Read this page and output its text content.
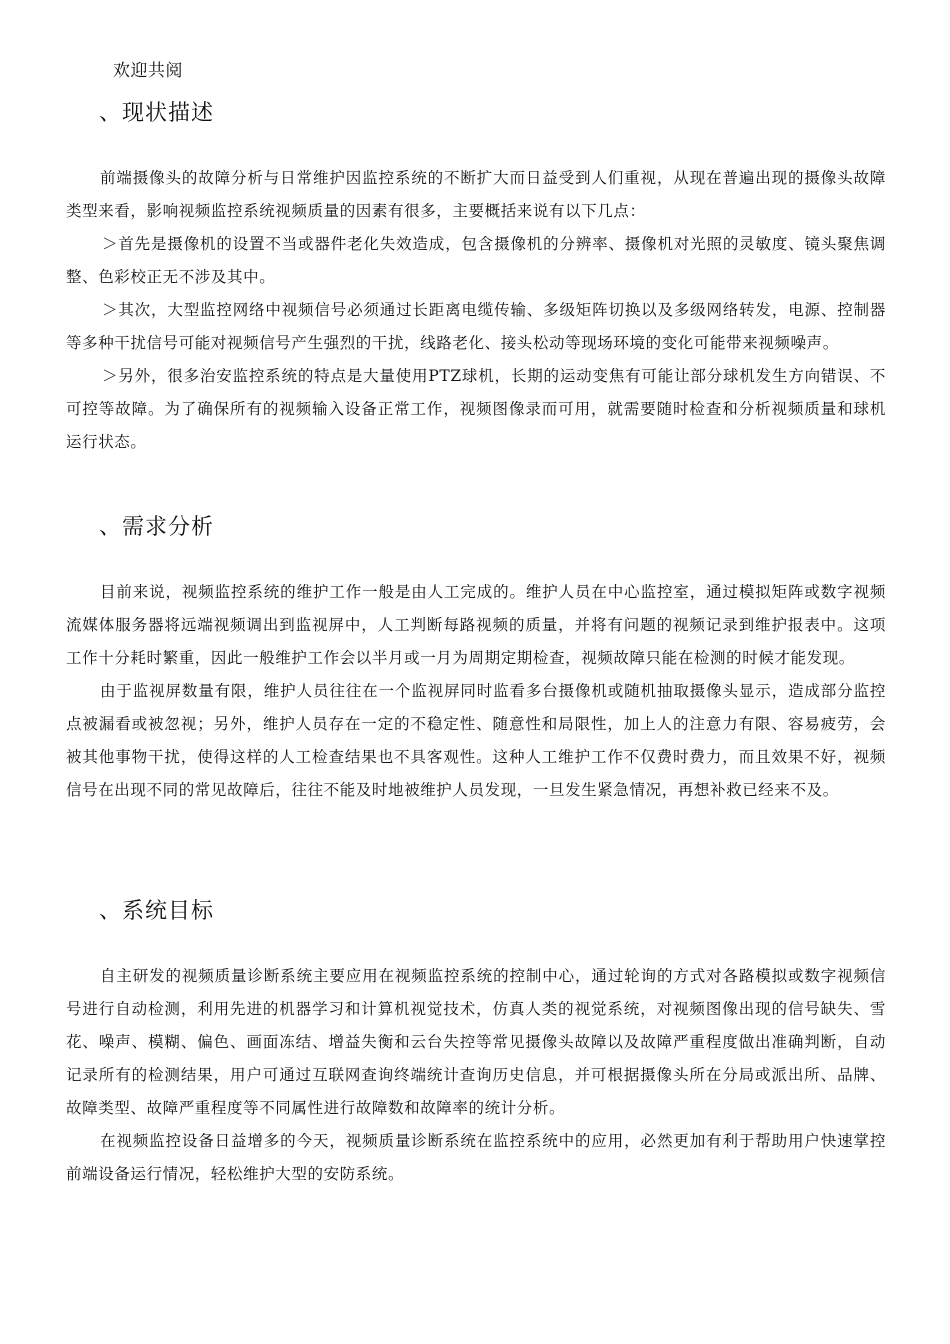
欢迎共阅
、现状描述

前端摄像头的故障分析与日常维护因监控系统的不断扩大而日益受到人们重视，从现在普遍出现的摄像头故障类型来看，影响视频监控系统视频质量的因素有很多，主要概括来说有以下几点：

＞首先是摄像机的设置不当或器件老化失效造成，包含摄像机的分辨率、摄像机对光照的灵敏度、镜头聚焦调整、色彩校正无不涉及其中。

＞其次，大型监控网络中视频信号必须通过长距离电缆传输、多级矩阵切换以及多级网络转发，电源、控制器等多种干扰信号可能对视频信号产生强烈的干扰，线路老化、接头松动等现场环境的变化可能带来视频噪声。

＞另外，很多治安监控系统的特点是大量使用PTZ球机，长期的运动变焦有可能让部分球机发生方向错误、不可控等故障。为了确保所有的视频输入设备正常工作，视频图像录而可用，就需要随时检查和分析视频质量和球机运行状态。

、需求分析

目前来说，视频监控系统的维护工作一般是由人工完成的。维护人员在中心监控室，通过模拟矩阵或数字视频流媒体服务器将远端视频调出到监视屏中，人工判断每路视频的质量，并将有问题的视频记录到维护报表中。这项工作十分耗时繁重，因此一般维护工作会以半月或一月为周期定期检查，视频故障只能在检测的时候才能发现。

由于监视屏数量有限，维护人员往往在一个监视屏同时监看多台摄像机或随机抽取摄像头显示，造成部分监控点被漏看或被忽视；另外，维护人员存在一定的不稳定性、随意性和局限性，加上人的注意力有限、容易疲劳，会被其他事物干扰，使得这样的人工检查结果也不具客观性。这种人工维护工作不仅费时费力，而且效果不好，视频信号在出现不同的常见故障后，往往不能及时地被维护人员发现，一旦发生紧急情况，再想补救已经来不及。

、系统目标

自主研发的视频质量诊断系统主要应用在视频监控系统的控制中心，通过轮询的方式对各路模拟或数字视频信号进行自动检测，利用先进的机器学习和计算机视觉技术，仿真人类的视觉系统，对视频图像出现的信号缺失、雪花、噪声、模糊、偏色、画面冻结、增益失衡和云台失控等常见摄像头故障以及故障严重程度做出准确判断，自动记录所有的检测结果，用户可通过互联网查询终端统计查询历史信息，并可根据摄像头所在分局或派出所、品牌、故障类型、故障严重程度等不同属性进行故障数和故障率的统计分析。

在视频监控设备日益增多的今天，视频质量诊断系统在监控系统中的应用，必然更加有利于帮助用户快速掌控前端设备运行情况，轻松维护大型的安防系统。
